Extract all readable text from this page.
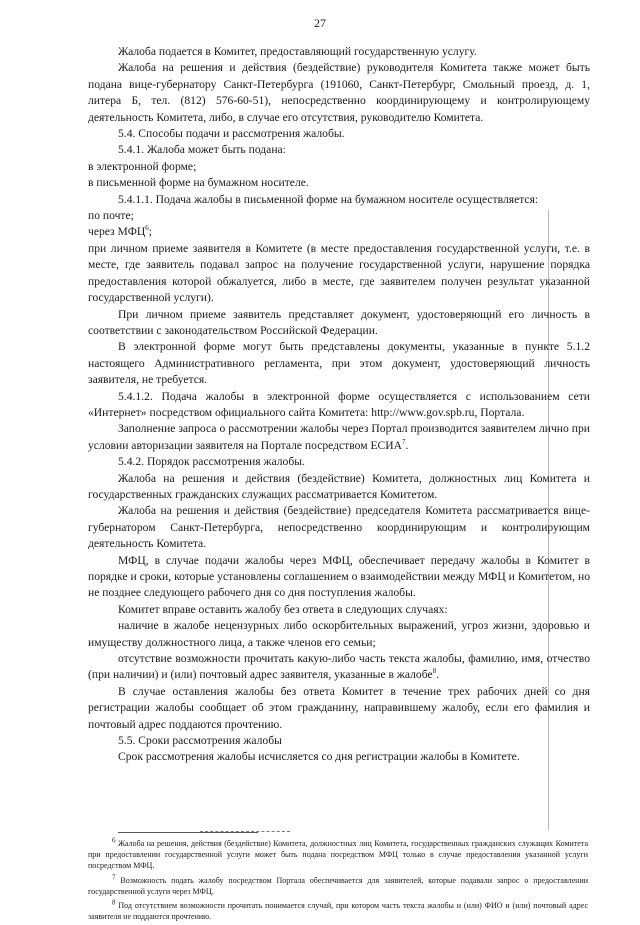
27

Жалоба подается в Комитет, предоставляющий государственную услугу.

Жалоба на решения и действия (бездействие) руководителя Комитета также может быть подана вице-губернатору Санкт-Петербурга (191060, Санкт-Петербург, Смольный проезд, д. 1, литера Б, тел. (812) 576-60-51), непосредственно координирующему и контролирующему деятельность Комитета, либо, в случае его отсутствия, руководителю Комитета.

5.4. Способы подачи и рассмотрения жалобы.

5.4.1. Жалоба может быть подана:

в электронной форме;

в письменной форме на бумажном носителе.

5.4.1.1. Подача жалобы в письменной форме на бумажном носителе осуществляется:

по почте;

через МФЦ$^6$;

при личном приеме заявителя в Комитете (в месте предоставления государственной услуги, т.е. в месте, где заявитель подавал запрос на получение государственной услуги, нарушение порядка предоставления которой обжалуется, либо в месте, где заявителем получен результат указанной государственной услуги).

При личном приеме заявитель представляет документ, удостоверяющий его личность в соответствии с законодательством Российской Федерации.

В электронной форме могут быть представлены документы, указанные в пункте 5.1.2 настоящего Административного регламента, при этом документ, удостоверяющий личность заявителя, не требуется.

5.4.1.2. Подача жалобы в электронной форме осуществляется с использованием сети «Интернет» посредством официального сайта Комитета: http://www.gov.spb.ru, Портала.

Заполнение запроса о рассмотрении жалобы через Портал производится заявителем лично при условии авторизации заявителя на Портале посредством ЕСИА$^7$.

5.4.2. Порядок рассмотрения жалобы.

Жалоба на решения и действия (бездействие) Комитета, должностных лиц Комитета и государственных гражданских служащих рассматривается Комитетом.

Жалоба на решения и действия (бездействие) председателя Комитета рассматривается вице-губернатором Санкт-Петербурга, непосредственно координирующим и контролирующим деятельность Комитета.

МФЦ, в случае подачи жалобы через МФЦ, обеспечивает передачу жалобы в Комитет в порядке и сроки, которые установлены соглашением о взаимодействии между МФЦ и Комитетом, но не позднее следующего рабочего дня со дня поступления жалобы.

Комитет вправе оставить жалобу без ответа в следующих случаях:

наличие в жалобе нецензурных либо оскорбительных выражений, угроз жизни, здоровью и имуществу должностного лица, а также членов его семьи;

отсутствие возможности прочитать какую-либо часть текста жалобы, фамилию, имя, отчество (при наличии) и (или) почтовый адрес заявителя, указанные в жалобе$^8$.

В случае оставления жалобы без ответа Комитет в течение трех рабочих дней со дня регистрации жалобы сообщает об этом гражданину, направившему жалобу, если его фамилия и почтовый адрес поддаются прочтению.

5.5. Сроки рассмотрения жалобы

Срок рассмотрения жалобы исчисляется со дня регистрации жалобы в Комитете.

$^6$ Жалоба на решения, действия (бездействие) Комитета, должностных лиц Комитета, государственных гражданских служащих Комитета при предоставлении государственной услуги может быть подана посредством МФЦ только в случае предоставления указанной услуги посредством МФЦ.

$^7$ Возможность подать жалобу посредством Портала обеспечивается для заявителей, которые подавали запрос о предоставлении государственной услуги через МФЦ.

$^8$ Под отсутствием возможности прочитать понимается случай, при котором часть текста жалобы и (или) ФИО и (или) почтовый адрес заявителя не поддаются прочтению.
